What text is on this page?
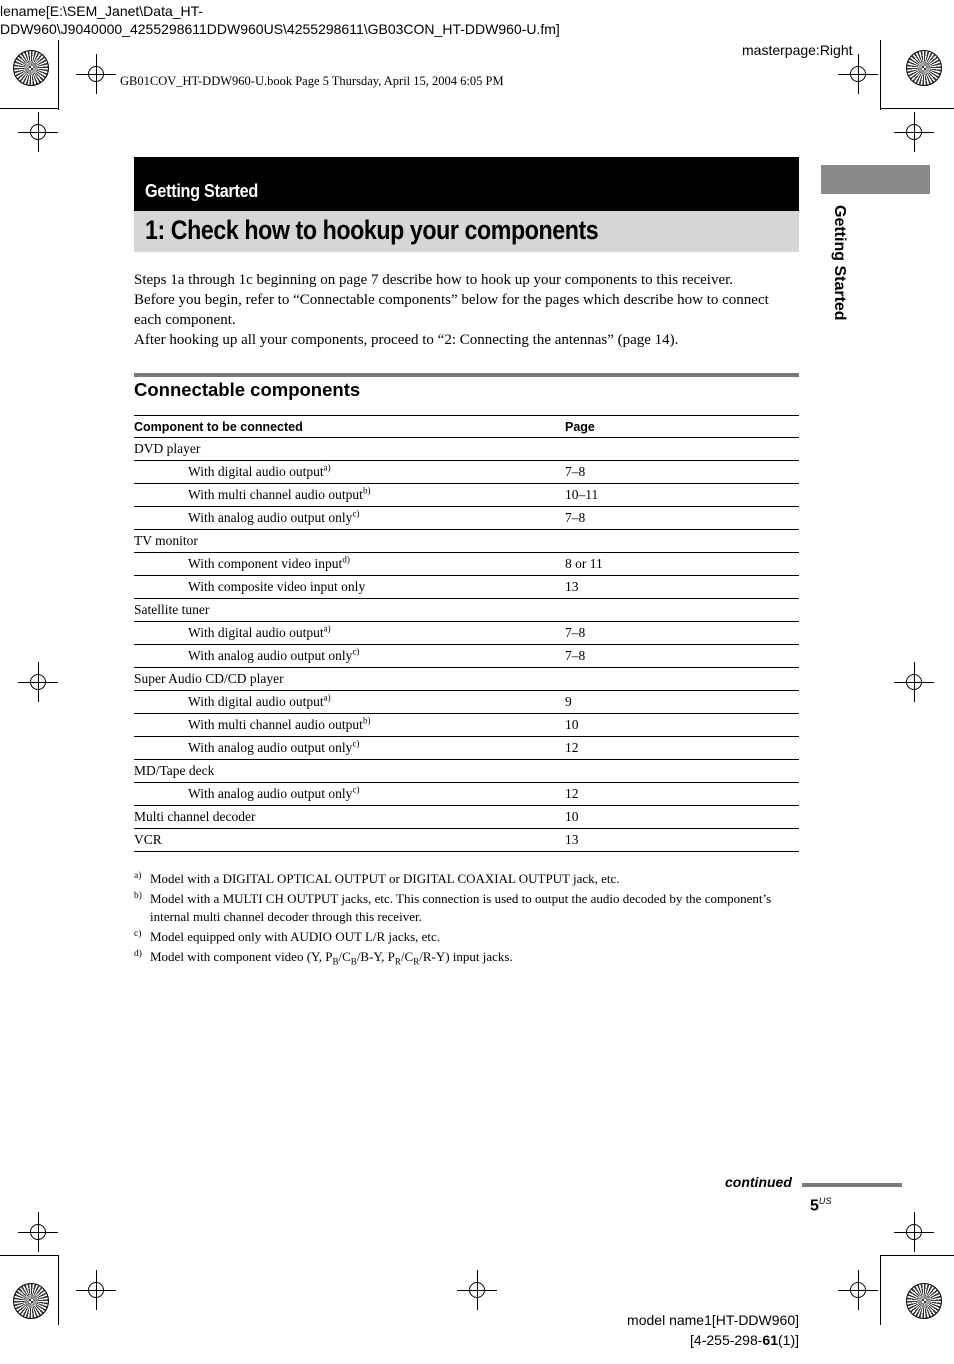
lename[E:\SEM_Janet\Data_HT-
DDW960\J9040000_4255298611DDW960US\4255298611\GB03CON_HT-DDW960-U.fm]
masterpage:Right
GB01COV_HT-DDW960-U.book Page 5 Thursday, April 15, 2004 6:05 PM
Getting Started
1: Check how to hookup your components	Getting Started

Steps 1a through 1c beginning on page 7 describe how to hook up your components to this receiver.

Before you begin, refer to “Connectable components” below for the pages which describe how to connect each component.

After hooking up all your components, proceed to “2: Connecting the antennas” (page 14).

Connectable components
Component to be connected	Page
DVD player	
With digital audio output$^{a)}$	7–8
With multi channel audio output$^{b)}$	10–11
With analog audio output only$^{c)}$	7–8
TV monitor	
With component video input$^{d)}$	8 or 11
With composite video input only	13
Satellite tuner	
With digital audio output$^{a)}$	7–8
With analog audio output only$^{c)}$	7–8
Super Audio CD/CD player	
With digital audio output$^{a)}$	9
With multi channel audio output$^{b)}$	10
With analog audio output only$^{c)}$	12
MD/Tape deck	
With analog audio output only$^{c)}$	12
Multi channel decoder	10
VCR	13
a) Model with a DIGITAL OPTICAL OUTPUT or DIGITAL COAXIAL OUTPUT jack, etc.
b) Model with a MULTI CH OUTPUT jacks, etc. This connection is used to output the audio decoded by the component’s internal multi channel decoder through this receiver.
c) Model equipped only with AUDIO OUT L/R jacks, etc.
d) Model with component video (Y, $P_B/C_B/B-Y$, $P_R/C_R/R-Y$) input jacks.
continued
$5^{US}$
model name1[HT-DDW960]
[4-255-298-61(1)]
